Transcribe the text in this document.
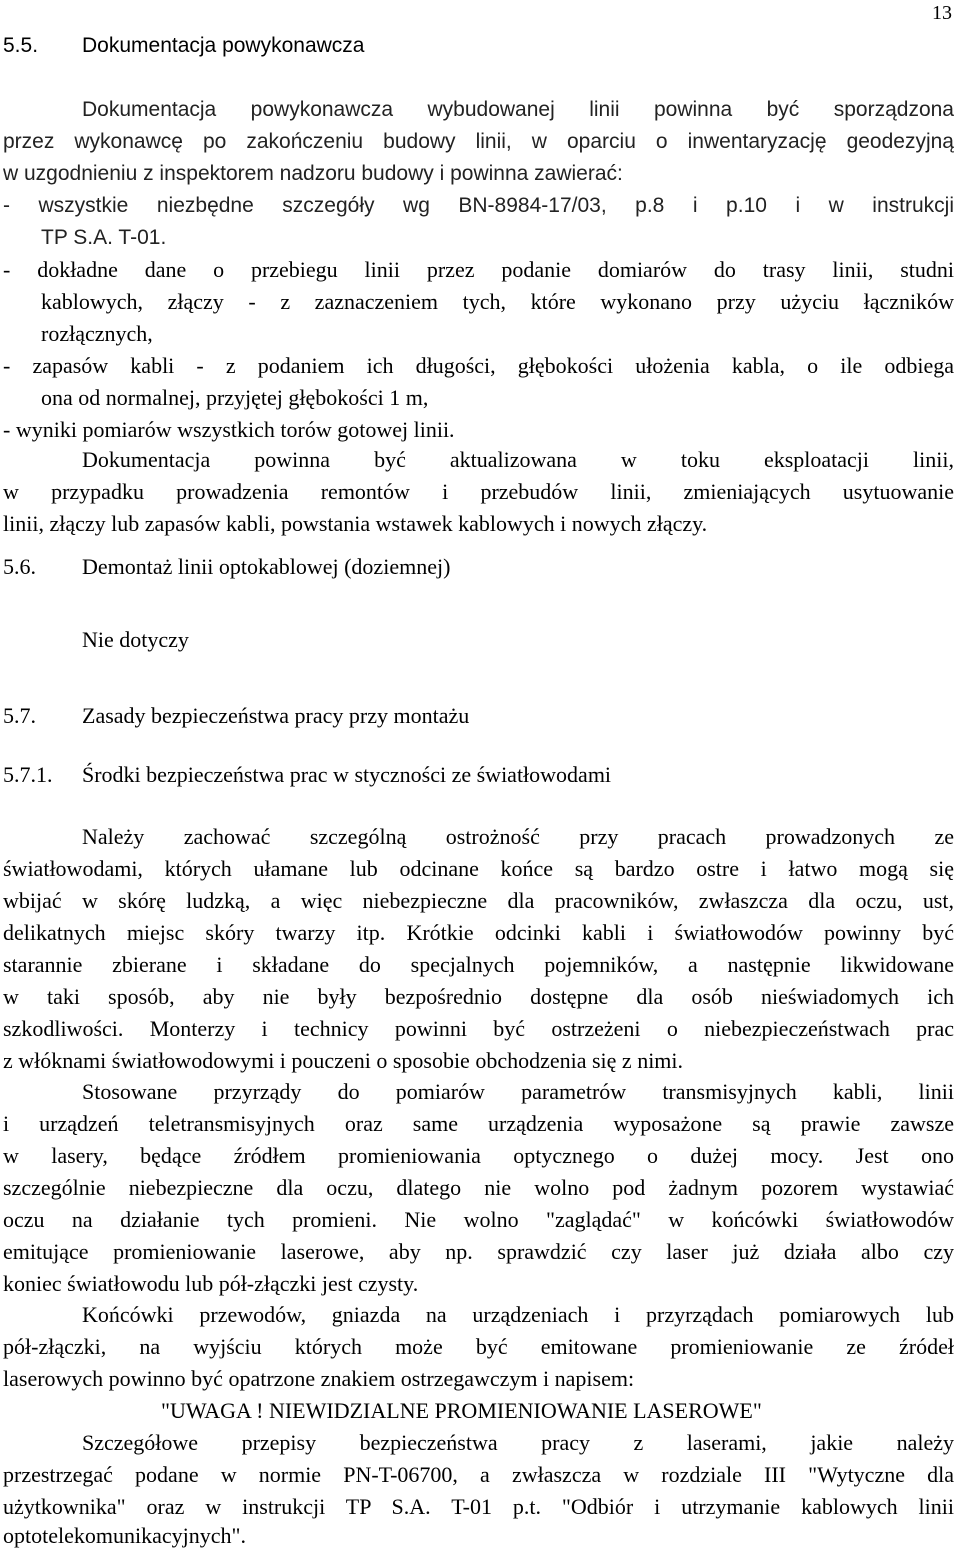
13
5.5. Dokumentacja powykonawcza
Dokumentacja powykonawcza wybudowanej linii powinna być sporządzona
przez wykonawcę po zakończeniu budowy linii, w oparciu o inwentaryzację geodezyjną
w uzgodnieniu z inspektorem nadzoru budowy i powinna zawierać:
- wszystkie niezbędne szczegóły wg BN-8984-17/03, p.8 i p.10 i w instrukcji
TP S.A. T-01.
- dokładne dane o przebiegu linii przez podanie domiarów do trasy linii, studni
kablowych, złączy - z zaznaczeniem tych, które wykonano przy użyciu łączników
rozłącznych,
- zapasów kabli - z podaniem ich długości, głębokości ułożenia kabla, o ile odbiega
ona od normalnej, przyjętej głębokości 1 m,
- wyniki pomiarów wszystkich torów gotowej linii.
Dokumentacja powinna być aktualizowana w toku eksploatacji linii,
w przypadku prowadzenia remontów i przebudów linii, zmieniających usytuowanie
linii, złączy lub zapasów kabli, powstania wstawek kablowych i nowych złączy.
5.6. Demontaż linii optokablowej (doziemnej)
Nie dotyczy
5.7. Zasady bezpieczeństwa pracy przy montażu
5.7.1. Środki bezpieczeństwa prac w styczności ze światłowodami
Należy zachować szczególną ostrożność przy pracach prowadzonych ze
światłowodami, których ułamane lub odcinane końce są bardzo ostre i łatwo mogą się
wbijać w skórę ludzką, a więc niebezpieczne dla pracowników, zwłaszcza dla oczu, ust,
delikatnych miejsc skóry twarzy itp. Krótkie odcinki kabli i światłowodów powinny być
starannie zbierane i składane do specjalnych pojemników, a następnie likwidowane
w taki sposób, aby nie były bezpośrednio dostępne dla osób nieświadomych ich
szkodliwości. Monterzy i technicy powinni być ostrzeżeni o niebezpieczeństwach prac
z włóknami światłowodowymi i pouczeni o sposobie obchodzenia się z nimi.
Stosowane przyrządy do pomiarów parametrów transmisyjnych kabli, linii
i urządzeń teletransmisyjnych oraz same urządzenia wyposażone są prawie zawsze
w lasery, będące źródłem promieniowania optycznego o dużej mocy. Jest ono
szczególnie niebezpieczne dla oczu, dlatego nie wolno pod żadnym pozorem wystawiać
oczu na działanie tych promieni. Nie wolno "zaglądać" w końcówki światłowodów
emitujące promieniowanie laserowe, aby np. sprawdzić czy laser już działa albo czy
koniec światłowodu lub pół-złączki jest czysty.
Końcówki przewodów, gniazda na urządzeniach i przyrządach pomiarowych lub
pół-złączki, na wyjściu których może być emitowane promieniowanie ze źródeł
laserowych powinno być opatrzone znakiem ostrzegawczym i napisem:
"UWAGA ! NIEWIDZIALNE PROMIENIOWANIE LASEROWE"
Szczegółowe przepisy bezpieczeństwa pracy z laserami, jakie należy
przestrzegać podane w normie PN-T-06700, a zwłaszcza w rozdziale III "Wytyczne dla
użytkownika" oraz w instrukcji TP S.A. T-01 p.t. "Odbiór i utrzymanie kablowych linii
optotelekomunikacyjnych".
